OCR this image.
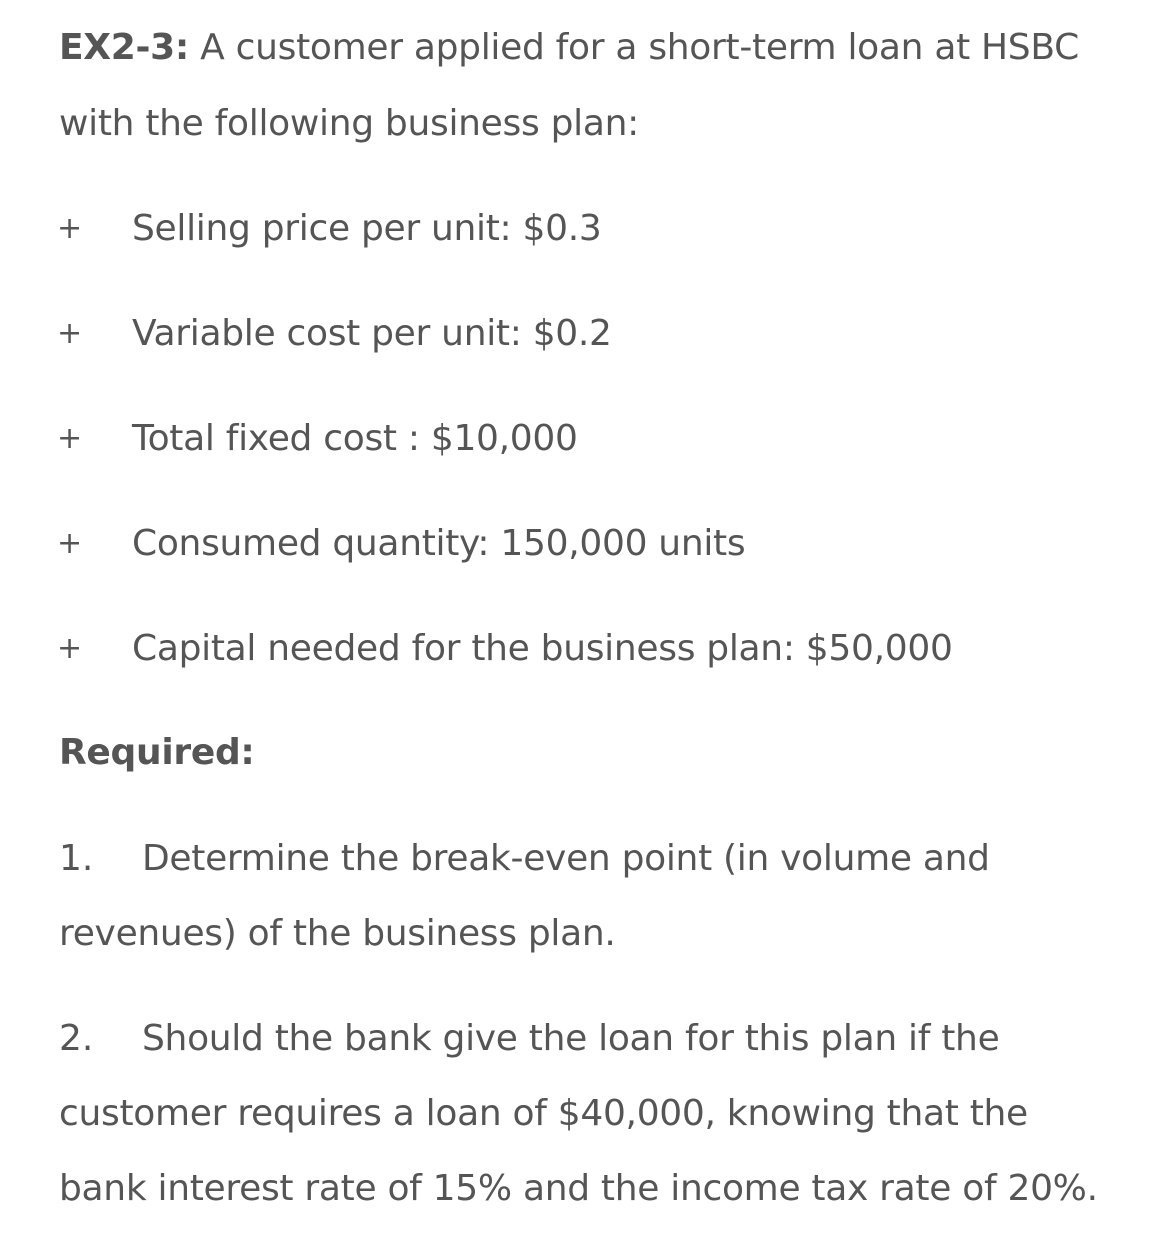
EX2-3: A customer applied for a short-term loan at HSBC
with the following business plan:
+ Selling price per unit: $0.3
+ Variable cost per unit: $0.2
+ Total fixed cost : $10,000
+ Consumed quantity: 150,000 units
+ Capital needed for the business plan: $50,000
Required:
1. Determine the break-even point (in volume and
revenues) of the business plan.
2. Should the bank give the loan for this plan if the
customer requires a loan of $40,000, knowing that the
bank interest rate of 15% and the income tax rate of 20%.
